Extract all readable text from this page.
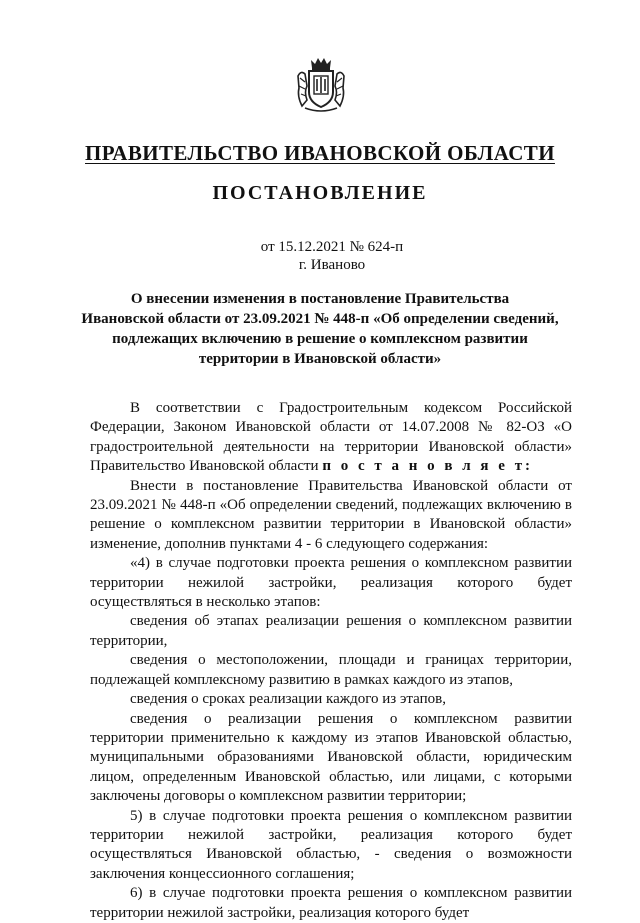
ПРАВИТЕЛЬСТВО ИВАНОВСКОЙ ОБЛАСТИ
ПОСТАНОВЛЕНИЕ
от 15.12.2021 № 624-п
г. Иваново
О внесении изменения в постановление Правительства
Ивановской области от 23.09.2021 № 448-п «Об определении сведений,
подлежащих включению в решение о комплексном развитии
территории в Ивановской области»

В соответствии с Градостроительным кодексом Российской Федерации, Законом Ивановской области от 14.07.2008 № 82-ОЗ «О градостроительной деятельности на территории Ивановской области» Правительство Ивановской области п о с т а н о в л я е т:

Внести в постановление Правительства Ивановской области от 23.09.2021 № 448-п «Об определении сведений, подлежащих включению в решение о комплексном развитии территории в Ивановской области» изменение, дополнив пунктами 4 - 6 следующего содержания:

«4) в случае подготовки проекта решения о комплексном развитии территории нежилой застройки, реализация которого будет осуществляться в несколько этапов:

сведения об этапах реализации решения о комплексном развитии территории,

сведения о местоположении, площади и границах территории, подлежащей комплексному развитию в рамках каждого из этапов,

сведения о сроках реализации каждого из этапов,

сведения о реализации решения о комплексном развитии территории применительно к каждому из этапов Ивановской областью, муниципальными образованиями Ивановской области, юридическим лицом, определенным Ивановской областью, или лицами, с которыми заключены договоры о комплексном развитии территории;

5) в случае подготовки проекта решения о комплексном развитии территории нежилой застройки, реализация которого будет осуществляться Ивановской областью, - сведения о возможности заключения концессионного соглашения;

6) в случае подготовки проекта решения о комплексном развитии территории нежилой застройки, реализация которого будет
